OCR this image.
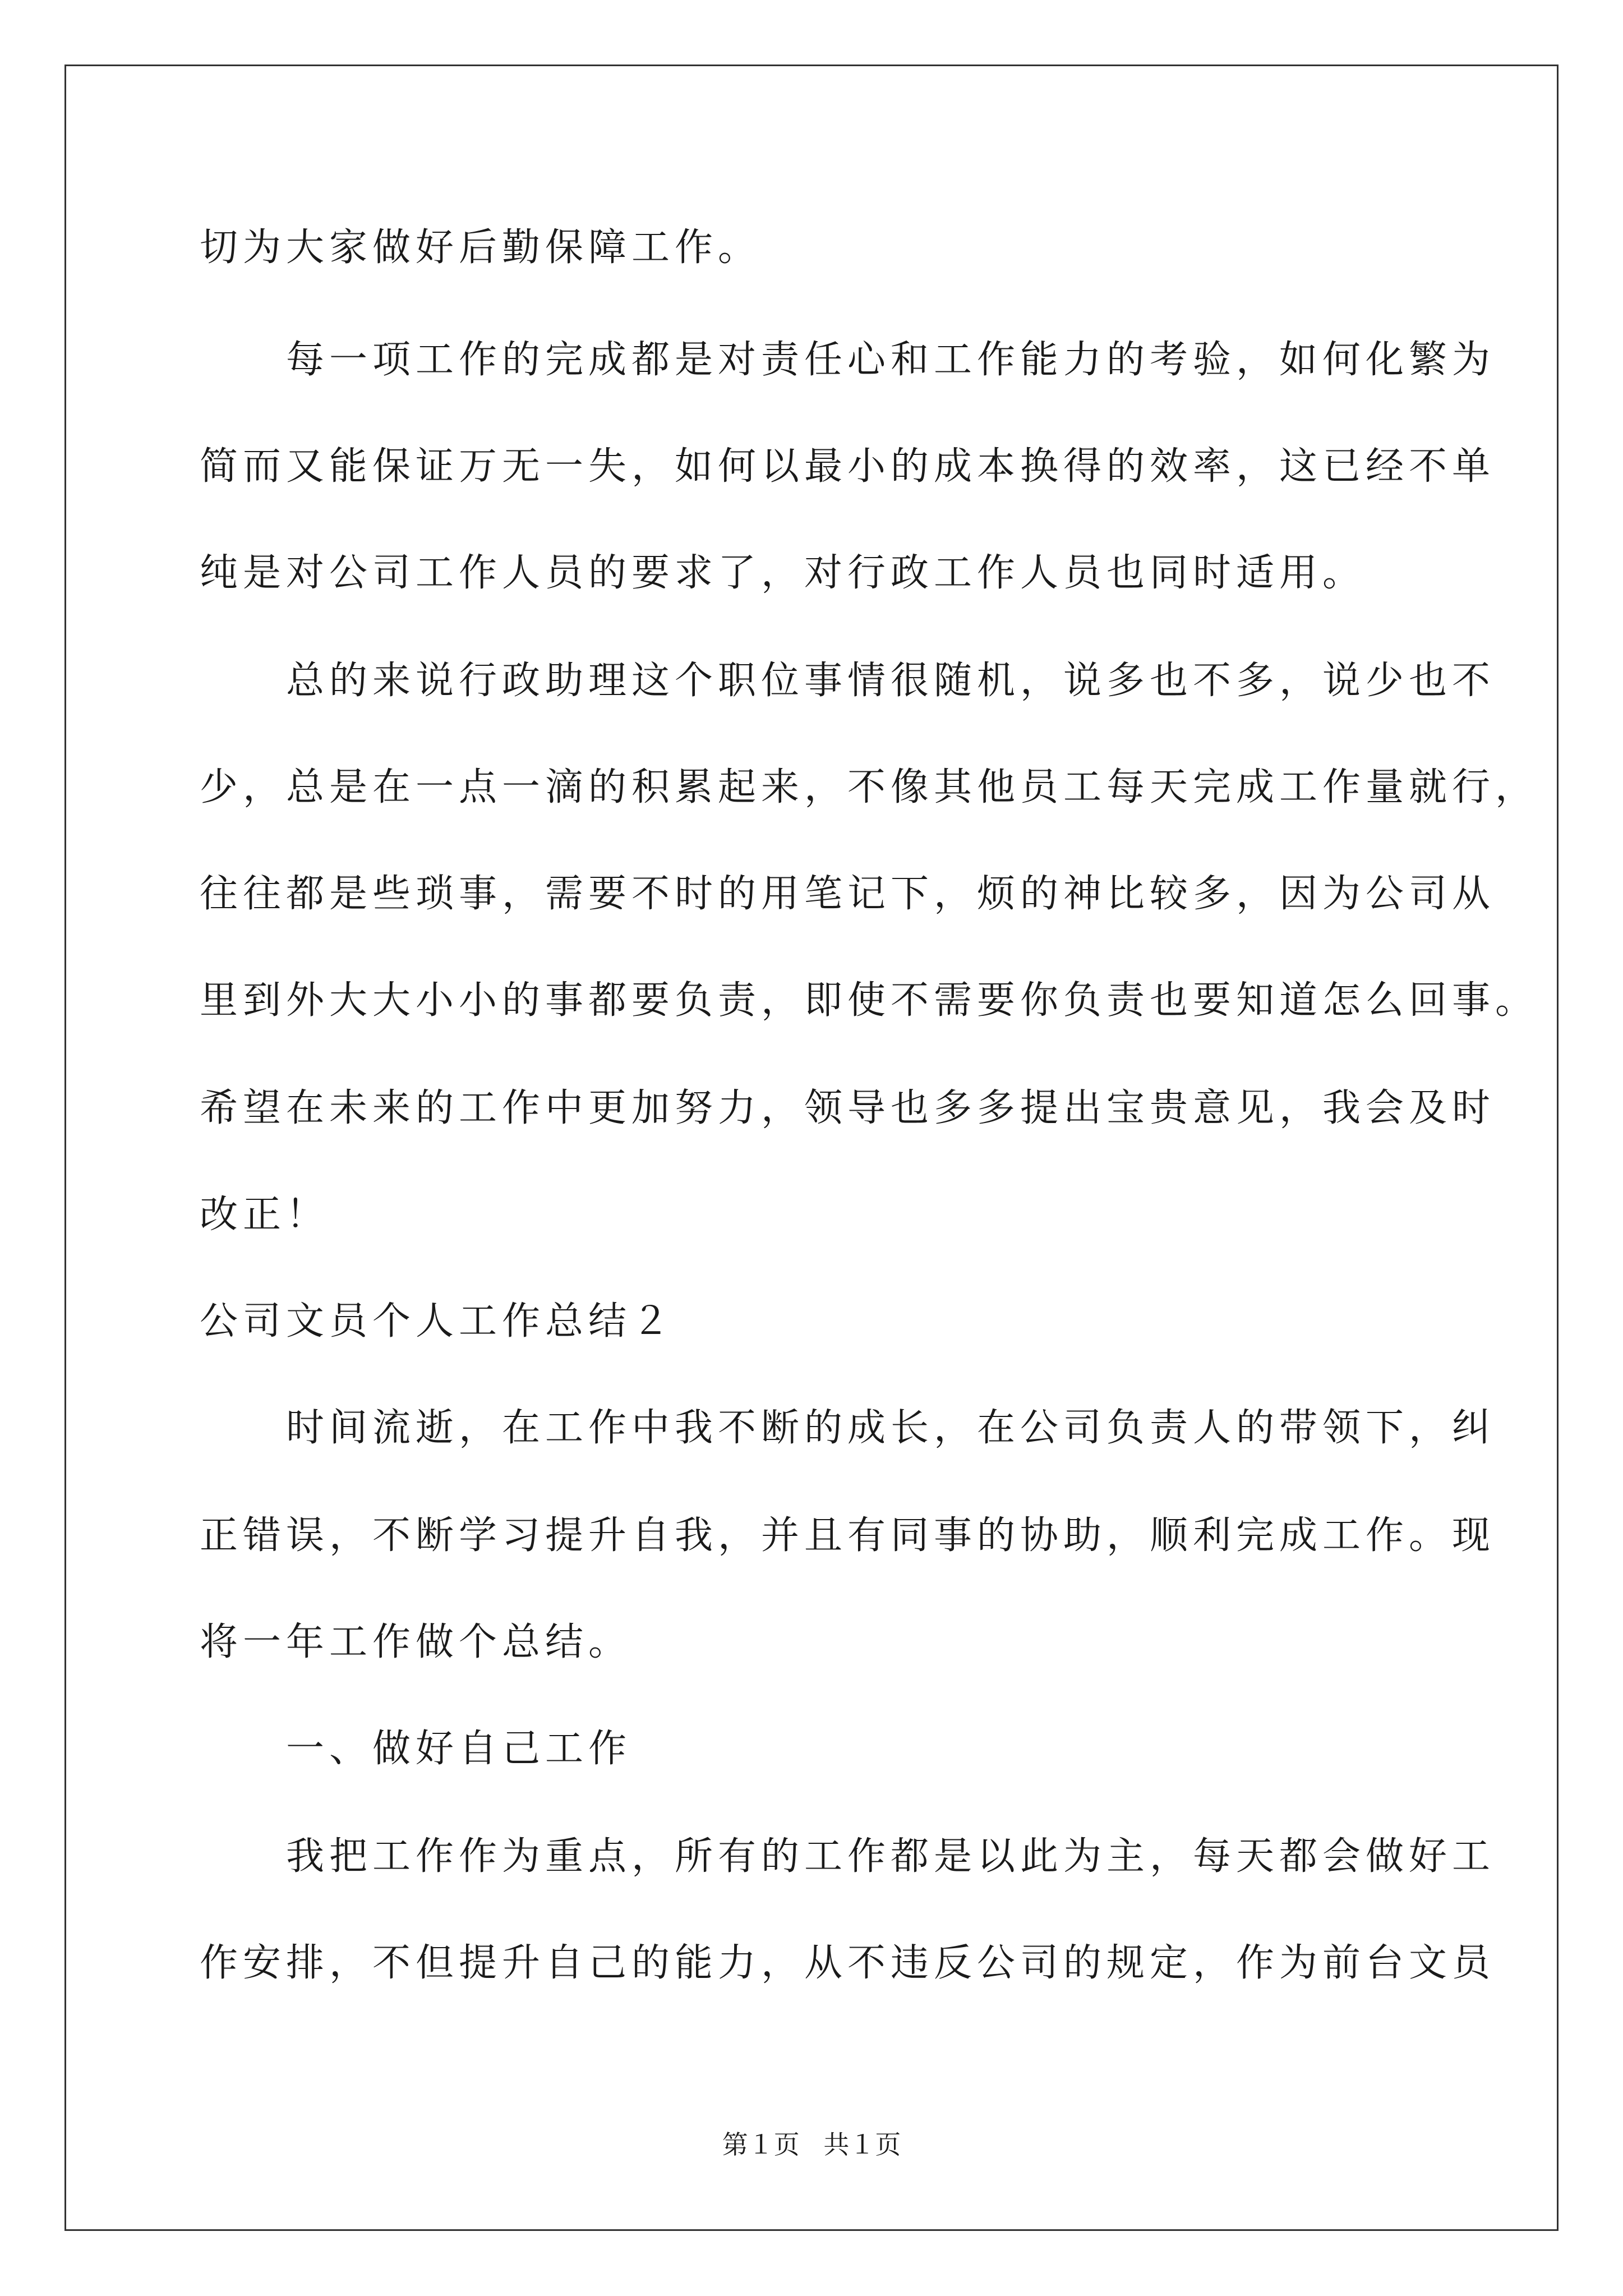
切为大家做好后勤保障工作。
　　每一项工作的完成都是对责任心和工作能力的考验，如何化繁为
简而又能保证万无一失，如何以最小的成本换得的效率，这已经不单
纯是对公司工作人员的要求了，对行政工作人员也同时适用。
　　总的来说行政助理这个职位事情很随机，说多也不多，说少也不
少，总是在一点一滴的积累起来，不像其他员工每天完成工作量就行，
往往都是些琐事，需要不时的用笔记下，烦的神比较多，因为公司从
里到外大大小小的事都要负责，即使不需要你负责也要知道怎么回事。
希望在未来的工作中更加努力，领导也多多提出宝贵意见，我会及时
改正！
公司文员个人工作总结２
　　时间流逝，在工作中我不断的成长，在公司负责人的带领下，纠
正错误，不断学习提升自我，并且有同事的协助，顺利完成工作。现
将一年工作做个总结。
　　一、做好自己工作
　　我把工作作为重点，所有的工作都是以此为主，每天都会做好工
作安排，不但提升自己的能力，从不违反公司的规定，作为前台文员
第１页 共１页
